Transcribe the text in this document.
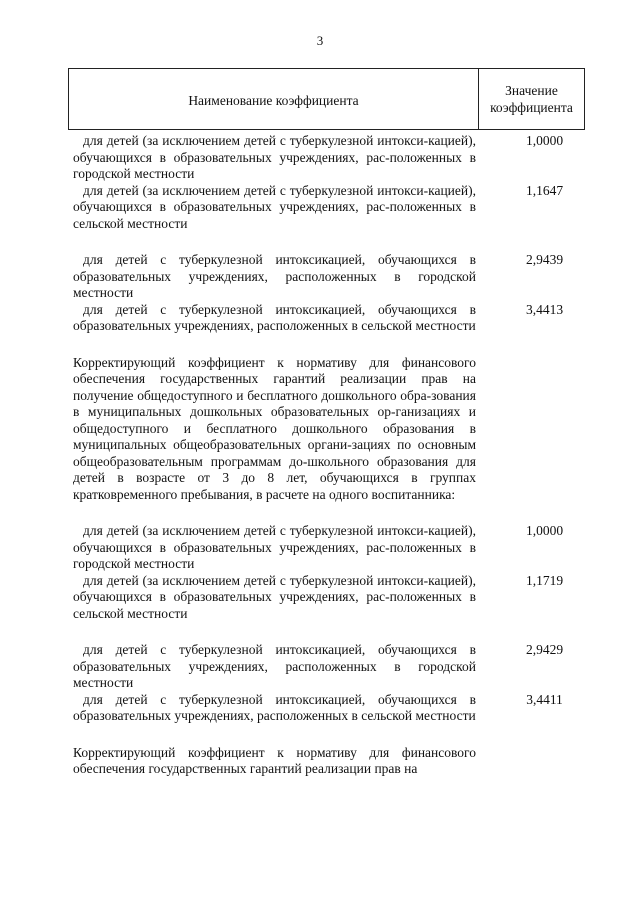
3
Наименование коэффициента
Значение
коэффициента
для детей (за исключением детей с туберкулезной интокси-кацией), обучающихся в образовательных учреждениях, рас-положенных в городской местности
1,0000
для детей (за исключением детей с туберкулезной интокси-кацией), обучающихся в образовательных учреждениях, рас-положенных в сельской местности
1,1647
для детей с туберкулезной интоксикацией, обучающихся в образовательных учреждениях, расположенных в городской местности
2,9439
для детей с туберкулезной интоксикацией, обучающихся в образовательных учреждениях, расположенных в сельской местности
3,4413
Корректирующий коэффициент к нормативу для финансового обеспечения государственных гарантий реализации прав на получение общедоступного и бесплатного дошкольного обра-зования в муниципальных дошкольных образовательных ор-ганизациях и общедоступного и бесплатного дошкольного образования в муниципальных общеобразовательных органи-зациях по основным общеобразовательным программам до-школьного образования для детей в возрасте от 3 до 8 лет, обучающихся в группах кратковременного пребывания, в расчете на одного воспитанника:
для детей (за исключением детей с туберкулезной интокси-кацией), обучающихся в образовательных учреждениях, рас-положенных в городской местности
1,0000
для детей (за исключением детей с туберкулезной интокси-кацией), обучающихся в образовательных учреждениях, рас-положенных в сельской местности
1,1719
для детей с туберкулезной интоксикацией, обучающихся в образовательных учреждениях, расположенных в городской местности
2,9429
для детей с туберкулезной интоксикацией, обучающихся в образовательных учреждениях, расположенных в сельской местности
3,4411
Корректирующий коэффициент к нормативу для финансового обеспечения государственных гарантий реализации прав на
